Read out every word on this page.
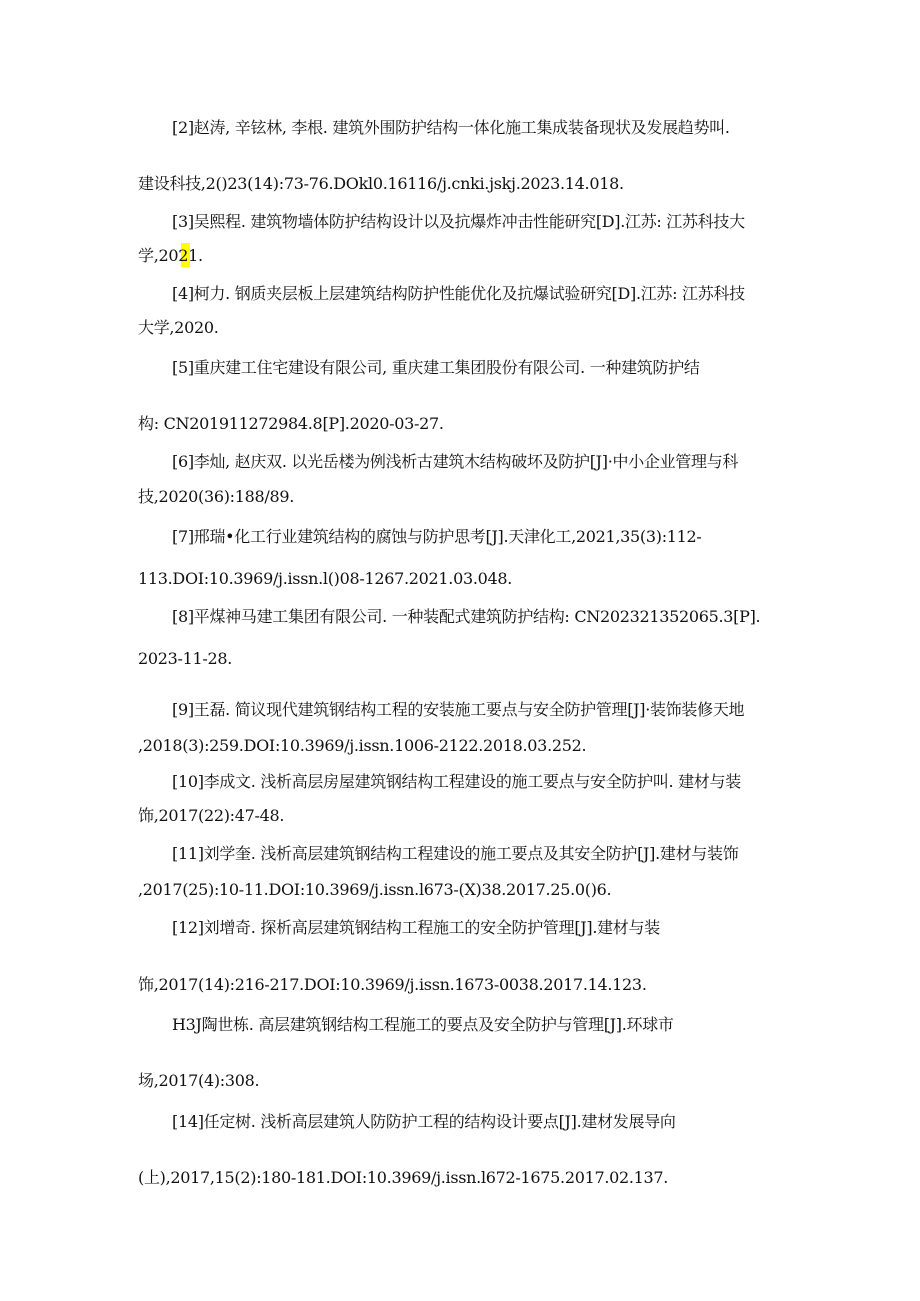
[2]赵涛, 辛铉林, 李根. 建筑外围防护结构一体化施工集成装备现状及发展趋势叫.

建设科技,2()23(14):73-76.DOkl0.16116/j.cnki.jskj.2023.14.018.

[3]吴熙程. 建筑物墙体防护结构设计以及抗爆炸冲击性能研究[D].江苏: 江苏科技大

学,2021.

[4]柯力. 钢质夹层板上层建筑结构防护性能优化及抗爆试验研究[D].江苏: 江苏科技

大学,2020.

[5]重庆建工住宅建设有限公司, 重庆建工集团股份有限公司. 一种建筑防护结

构: CN201911272984.8[P].2020-03-27.

[6]李灿, 赵庆双. 以光岳楼为例浅析古建筑木结构破坏及防护[J]·中小企业管理与科

技,2020(36):188/89.

[7]邢瑞•化工行业建筑结构的腐蚀与防护思考[J].天津化工,2021,35(3):112-

113.DOI:10.3969/j.issn.l()08-1267.2021.03.048.

[8]平煤神马建工集团有限公司. 一种装配式建筑防护结构: CN202321352065.3[P].

2023-11-28.

[9]王磊. 简议现代建筑钢结构工程的安装施工要点与安全防护管理[J]·装饰装修天地

,2018(3):259.DOI:10.3969/j.issn.1006-2122.2018.03.252.

[10]李成文. 浅析高层房屋建筑钢结构工程建设的施工要点与安全防护叫. 建材与装

饰,2017(22):47-48.

[11]刘学奎. 浅析高层建筑钢结构工程建设的施工要点及其安全防护[J].建材与装饰

,2017(25):10-11.DOI:10.3969/j.issn.l673-(X)38.2017.25.0()6.

[12]刘增奇. 探析高层建筑钢结构工程施工的安全防护管理[J].建材与装

饰,2017(14):216-217.DOI:10.3969/j.issn.1673-0038.2017.14.123.

H3J陶世栋. 高层建筑钢结构工程施工的要点及安全防护与管理[J].环球市

场,2017(4):308.

[14]任定树. 浅析高层建筑人防防护工程的结构设计要点[J].建材发展导向

(上),2017,15(2):180-181.DOI:10.3969/j.issn.l672-1675.2017.02.137.
